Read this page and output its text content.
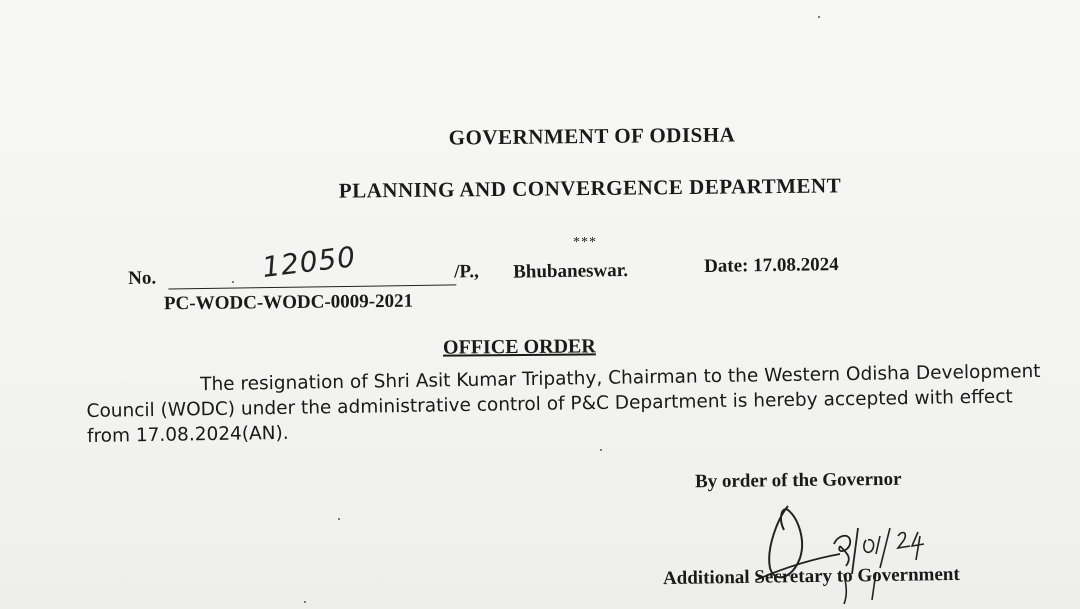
GOVERNMENT OF ODISHA
PLANNING AND CONVERGENCE DEPARTMENT
***
No.	12050	/P., Bhubaneswar.	Date: 17.08.2024
PC-WODC-WODC-0009-2021
OFFICE ORDER
The resignation of Shri Asit Kumar Tripathy, Chairman to the Western Odisha Development
Council (WODC) under the administrative control of P&C Department is hereby accepted with effect
from 17.08.2024(AN).
By order of the Governor
Additional Secretary to Government
